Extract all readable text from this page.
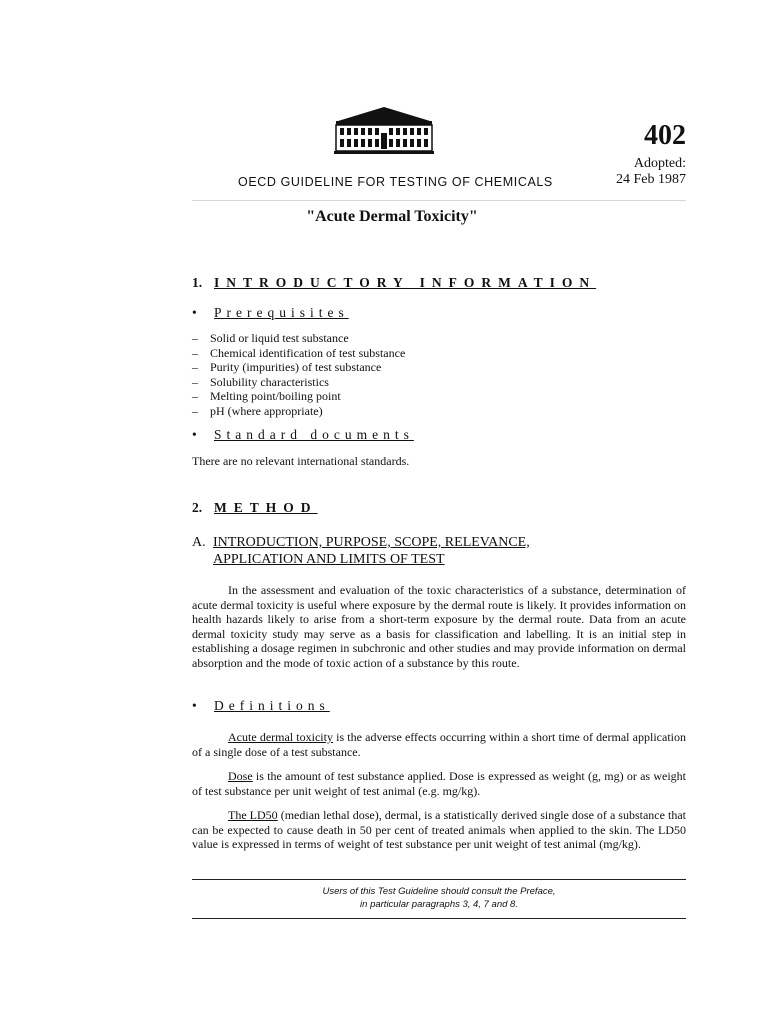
402
Adopted:
24 Feb 1987
OECD GUIDELINE FOR TESTING OF CHEMICALS
"Acute Dermal Toxicity"
1. INTRODUCTORY INFORMATION
• Prerequisites
– Solid or liquid test substance
– Chemical identification of test substance
– Purity (impurities) of test substance
– Solubility characteristics
– Melting point/boiling point
– pH (where appropriate)
• Standard documents
There are no relevant international standards.
2. METHOD
A. INTRODUCTION, PURPOSE, SCOPE, RELEVANCE,
APPLICATION AND LIMITS OF TEST

In the assessment and evaluation of the toxic characteristics of a substance, determination of acute dermal toxicity is useful where exposure by the dermal route is likely. It provides information on health hazards likely to arise from a short-term exposure by the dermal route. Data from an acute dermal toxicity study may serve as a basis for classification and labelling. It is an initial step in establishing a dosage regimen in subchronic and other studies and may provide information on dermal absorption and the mode of toxic action of a substance by this route.

• Definitions

Acute dermal toxicity is the adverse effects occurring within a short time of dermal application of a single dose of a test substance.

Dose is the amount of test substance applied. Dose is expressed as weight (g, mg) or as weight of test substance per unit weight of test animal (e.g. mg/kg).

The LD50 (median lethal dose), dermal, is a statistically derived single dose of a substance that can be expected to cause death in 50 per cent of treated animals when applied to the skin. The LD50 value is expressed in terms of weight of test substance per unit weight of test animal (mg/kg).

Users of this Test Guideline should consult the Preface,
in particular paragraphs 3, 4, 7 and 8.
